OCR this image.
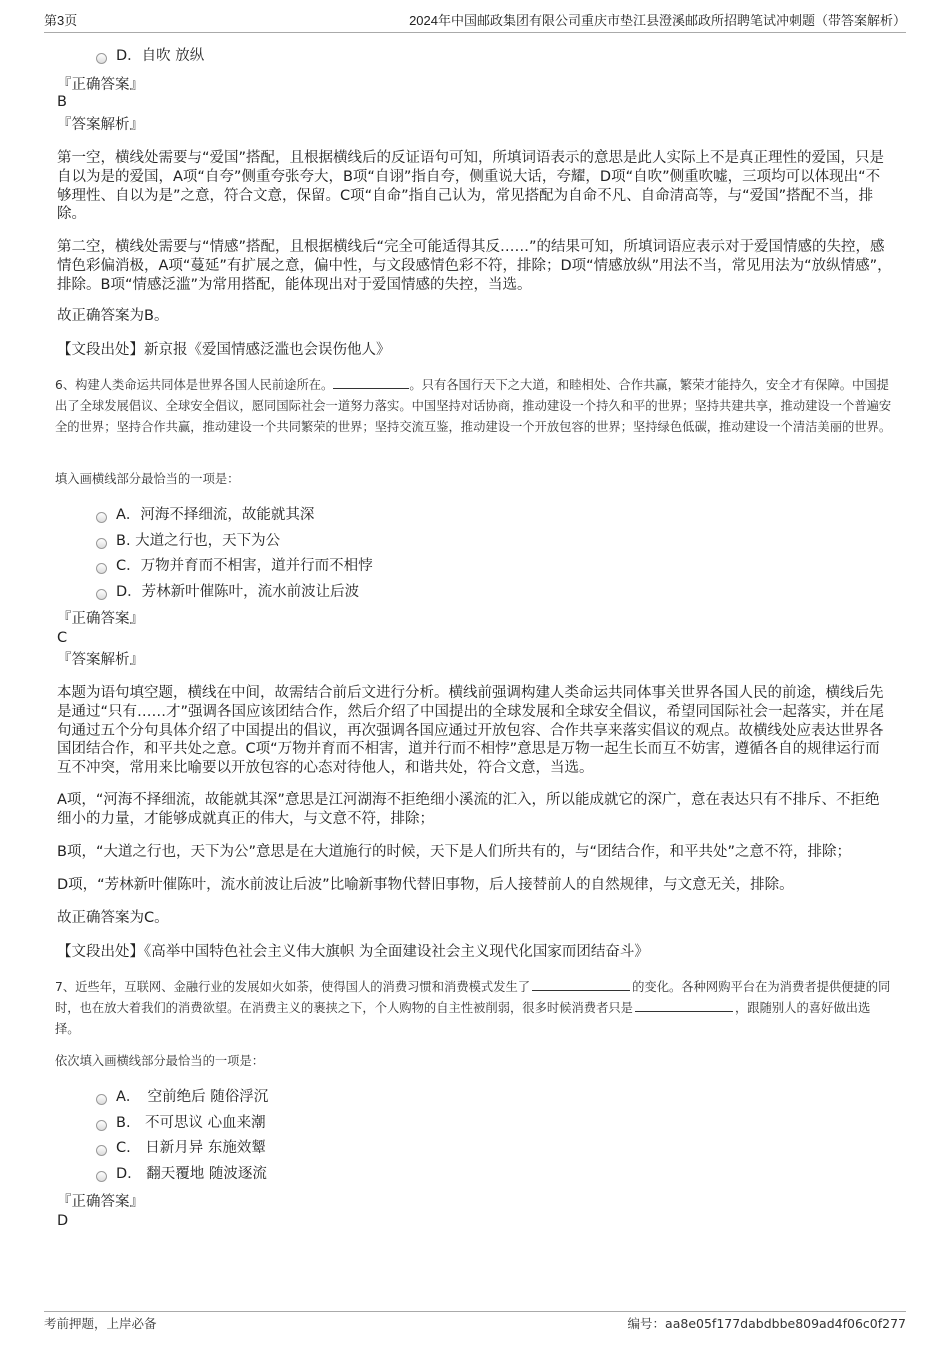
第3页	2024年中国邮政集团有限公司重庆市垫江县澄溪邮政所招聘笔试冲刺题（带答案解析）
D．自吹 放纵
『正确答案』
B
『答案解析』
第一空，横线处需要与“爱国”搭配，且根据横线后的反证语句可知，所填词语表示的意思是此人实际上不是真正理性的爱国，只是自以为是的爱国，A项“自夸”侧重夸张夸大，B项“自诩”指自夸，侧重说大话，夸耀，D项“自吹”侧重吹嘘，三项均可以体现出“不够理性、自以为是”之意，符合文意，保留。C项“自命”指自己认为，常见搭配为自命不凡、自命清高等，与“爱国”搭配不当，排除。
第二空，横线处需要与“情感”搭配，且根据横线后“完全可能适得其反……”的结果可知，所填词语应表示对于爱国情感的失控，感情色彩偏消极，A项“蔓延”有扩展之意，偏中性，与文段感情色彩不符，排除；D项“情感放纵”用法不当，常见用法为“放纵情感”，排除。B项“情感泛滥”为常用搭配，能体现出对于爱国情感的失控，当选。
故正确答案为B。
【文段出处】新京报《爱国情感泛滥也会误伤他人》
6、构建人类命运共同体是世界各国人民前途所在。	。只有各国行天下之大道，和睦相处、合作共赢，繁荣才能持久，安全才有保障。中国提出了全球发展倡议、全球安全倡议，愿同国际社会一道努力落实。中国坚持对话协商，推动建设一个持久和平的世界；坚持共建共享，推动建设一个普遍安全的世界；坚持合作共赢，推动建设一个共同繁荣的世界；坚持交流互鉴，推动建设一个开放包容的世界；坚持绿色低碳，推动建设一个清洁美丽的世界。
填入画横线部分最恰当的一项是：
A．河海不择细流，故能就其深
B. 大道之行也，天下为公
C．万物并育而不相害，道并行而不相悖
D．芳林新叶催陈叶，流水前波让后波
『正确答案』
C
『答案解析』
本题为语句填空题，横线在中间，故需结合前后文进行分析。横线前强调构建人类命运共同体事关世界各国人民的前途，横线后先是通过“只有……才”强调各国应该团结合作，然后介绍了中国提出的全球发展和全球安全倡议，希望同国际社会一起落实，并在尾句通过五个分句具体介绍了中国提出的倡议，再次强调各国应通过开放包容、合作共享来落实倡议的观点。故横线处应表达世界各国团结合作，和平共处之意。C项“万物并育而不相害，道并行而不相悖”意思是万物一起生长而互不妨害，遵循各自的规律运行而互不冲突，常用来比喻要以开放包容的心态对待他人，和谐共处，符合文意，当选。
A项，“河海不择细流，故能就其深”意思是江河湖海不拒绝细小溪流的汇入，所以能成就它的深广，意在表达只有不排斥、不拒绝细小的力量，才能够成就真正的伟大，与文意不符，排除；
B项，“大道之行也，天下为公”意思是在大道施行的时候，天下是人们所共有的，与“团结合作，和平共处”之意不符，排除；
D项，“芳林新叶催陈叶，流水前波让后波”比喻新事物代替旧事物，后人接替前人的自然规律，与文意无关，排除。
故正确答案为C。
【文段出处】《高举中国特色社会主义伟大旗帜 为全面建设社会主义现代化国家而团结奋斗》
7、近些年，互联网、金融行业的发展如火如荼，使得国人的消费习惯和消费模式发生了	的变化。各种网购平台在为消费者提供便捷的同时，也在放大着我们的消费欲望。在消费主义的裹挟之下，个人购物的自主性被削弱，很多时候消费者只是	，跟随别人的喜好做出选择。
依次填入画横线部分最恰当的一项是：
A．　空前绝后 随俗浮沉
B.　不可思议 心血来潮
C.　日新月异 东施效颦
D.　翻天覆地 随波逐流
『正确答案』
D
考前押题，上岸必备	编号：aa8e05f177dabdbbe809ad4f06c0f277
